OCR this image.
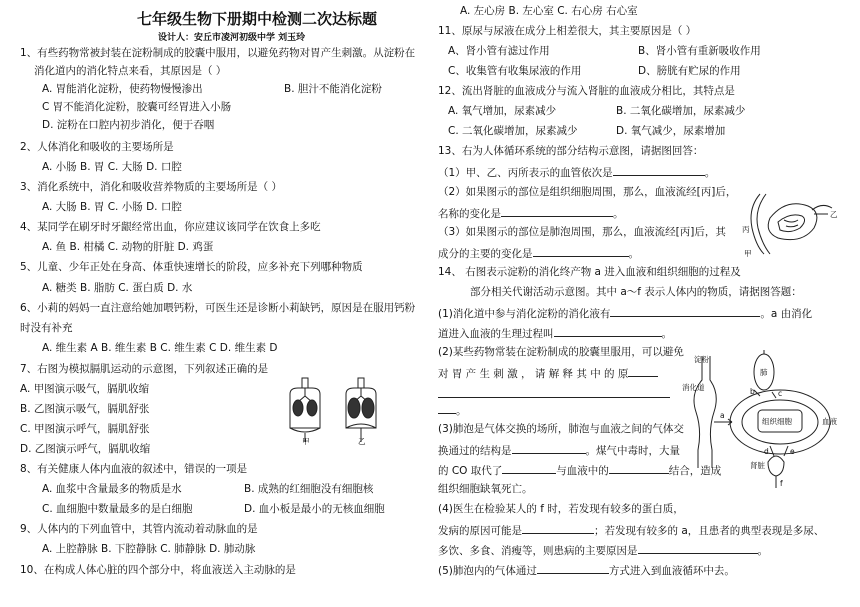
七年级生物下册期中检测二次达标题
设计人：安丘市凌河初级中学 刘玉玲
1、有些药物常被封装在淀粉制成的胶囊中服用，以避免药物对胃产生刺激。从淀粉在
消化道内的消化特点来看，其原因是（ ）
A. 胃能消化淀粉，使药物慢慢渗出	B. 胆汁不能消化淀粉
C 胃不能消化淀粉，胶囊可经胃进入小肠
D. 淀粉在口腔内初步消化，便于吞咽
2、人体消化和吸收的主要场所是
A. 小肠 B. 胃 C. 大肠 D. 口腔
3、消化系统中，消化和吸收营养物质的主要场所是（ ）
A. 大肠 B. 胃 C. 小肠 D. 口腔
4、某同学在刷牙时牙龈经常出血，你应建议该同学在饮食上多吃
A. 鱼 B. 柑橘 C. 动物的肝脏 D. 鸡蛋
5、儿童、少年正处在身高、体重快速增长的阶段，应多补充下列哪种物质
A. 糖类 B. 脂肪 C. 蛋白质 D. 水
6、小莉的妈妈一直注意给她加喂钙粉，可医生还是诊断小莉缺钙，原因是在服用钙粉
时没有补充
A. 维生素 A B. 维生素 B C. 维生素 C D. 维生素 D
7、右图为模拟膈肌运动的示意图，下列叙述正确的是
A. 甲图演示吸气，膈肌收缩
B. 乙图演示吸气，膈肌舒张
C. 甲图演示呼气，膈肌舒张
D. 乙图演示呼气，膈肌收缩
8、有关健康人体内血液的叙述中，错误的一项是
A. 血浆中含量最多的物质是水	B. 成熟的红细胞没有细胞核
C. 血细胞中数量最多的是白细胞	D. 血小板是最小的无核血细胞
9、人体内的下列血管中，其管内流动着动脉血的是
A. 上腔静脉 B. 下腔静脉 C. 肺静脉 D. 肺动脉
10、在构成人体心脏的四个部分中，将血液送入主动脉的是
甲	乙
A. 左心房 B. 左心室 C. 右心房 右心室
11、原尿与尿液在成分上相差很大，其主要原因是（ ）
A、肾小管有滤过作用	B、肾小管有重新吸收作用
C、收集管有收集尿液的作用	D、膀胱有贮尿的作用
12、流出肾脏的血液成分与流入肾脏的血液成分相比，其特点是
A. 氧气增加，尿素减少	B. 二氧化碳增加，尿素减少
C. 二氧化碳增加，尿素减少	D. 氧气减少，尿素增加
13、右为人体循环系统的部分结构示意图，请据图回答：
（1）甲、乙、丙所表示的血管依次是	。
（2）如果图示的部位是组织细胞周围，那么，血液流经[丙]后，
名称的变化是	。
（3）如果图示的部位是肺泡周围，那么，血液流经[丙]后，其
成分的主要的变化是	。
14、 右图表示淀粉的消化终产物 a 进入血液和组织细胞的过程及
部分相关代谢活动示意图。其中 a～f 表示人体内的物质，请据图答题：
(1)消化道中参与消化淀粉的消化液有	。a 由消化
道进入血液的生理过程叫	。
(2)某些药物常装在淀粉制成的胶囊里服用，可以避免
对 胃 产 生 刺 激 ， 请 解 释 其 中 的 原
。
(3)肺泡是气体交换的场所，肺泡与血液之间的气体交
换通过的结构是	。煤气中毒时，大量
的 CO 取代了	与血液中的	结合，造成
组织细胞缺氧死亡。
(4)医生在检验某人的 f 时，若发现有较多的蛋白质，
发病的原因可能是	；若发现有较多的 a，且患者的典型表现是多尿、
多饮、多食、消瘦等，则患病的主要原因是	。
(5)肺泡内的气体通过	方式进入到血液循环中去。
乙
丙
甲
淀粉
消化道
肺
组织细胞
肾脏
a
b	c
d	e
f
血液
